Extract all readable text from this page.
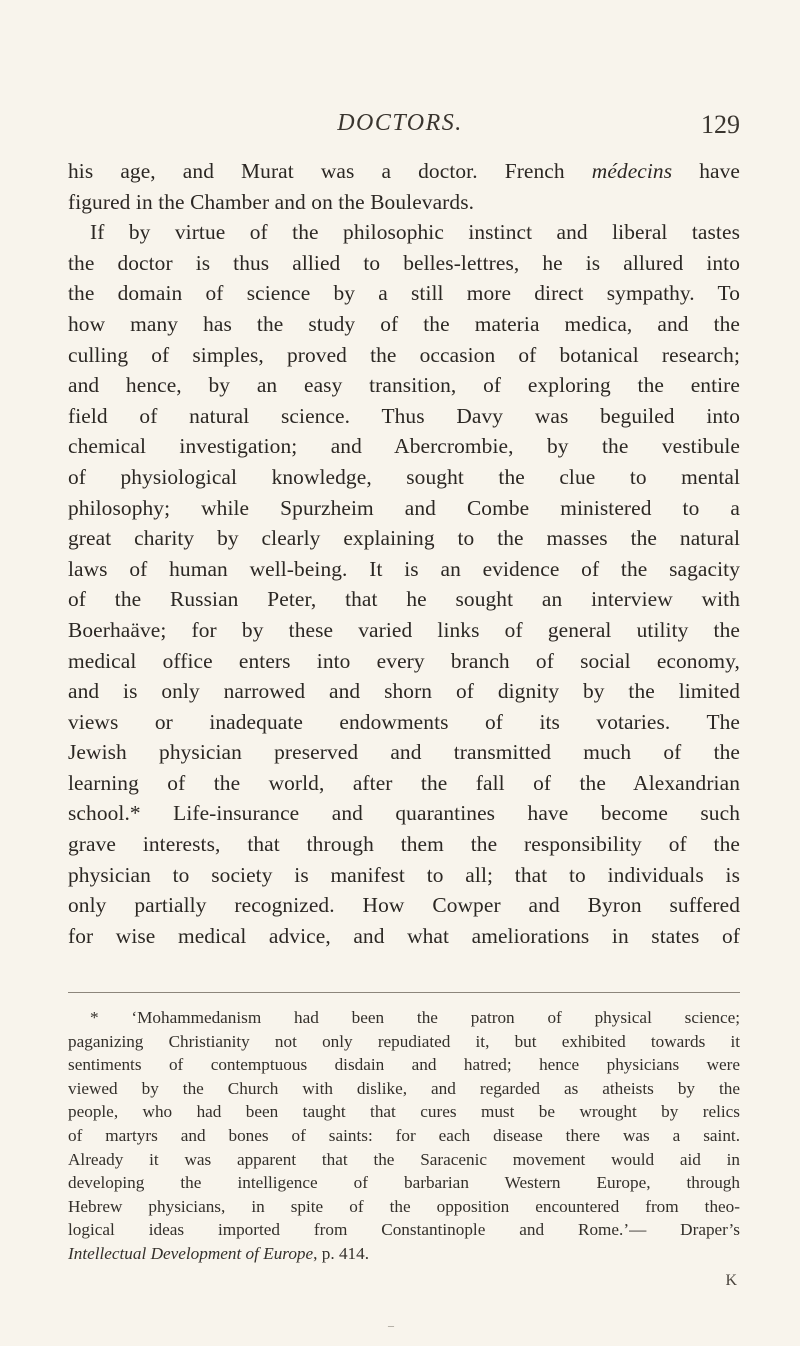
DOCTORS.	129
his age, and Murat was a doctor. French médecins have
figured in the Chamber and on the Boulevards.
If by virtue of the philosophic instinct and liberal tastes
the doctor is thus allied to belles-lettres, he is allured into
the domain of science by a still more direct sympathy. To
how many has the study of the materia medica, and the
culling of simples, proved the occasion of botanical research;
and hence, by an easy transition, of exploring the entire
field of natural science. Thus Davy was beguiled into
chemical investigation; and Abercrombie, by the vestibule
of physiological knowledge, sought the clue to mental
philosophy; while Spurzheim and Combe ministered to a
great charity by clearly explaining to the masses the natural
laws of human well-being. It is an evidence of the sagacity
of the Russian Peter, that he sought an interview with
Boerhaäve; for by these varied links of general utility the
medical office enters into every branch of social economy,
and is only narrowed and shorn of dignity by the limited
views or inadequate endowments of its votaries. The
Jewish physician preserved and transmitted much of the
learning of the world, after the fall of the Alexandrian
school.* Life-insurance and quarantines have become such
grave interests, that through them the responsibility of the
physician to society is manifest to all; that to individuals is
only partially recognized. How Cowper and Byron suffered
for wise medical advice, and what ameliorations in states of
* ‘Mohammedanism had been the patron of physical science;
paganizing Christianity not only repudiated it, but exhibited towards it
sentiments of contemptuous disdain and hatred; hence physicians were
viewed by the Church with dislike, and regarded as atheists by the
people, who had been taught that cures must be wrought by relics
of martyrs and bones of saints: for each disease there was a saint.
Already it was apparent that the Saracenic movement would aid in
developing the intelligence of barbarian Western Europe, through
Hebrew physicians, in spite of the opposition encountered from theo-
logical ideas imported from Constantinople and Rome.’— Draper’s
Intellectual Development of Europe, p. 414.
K
–
